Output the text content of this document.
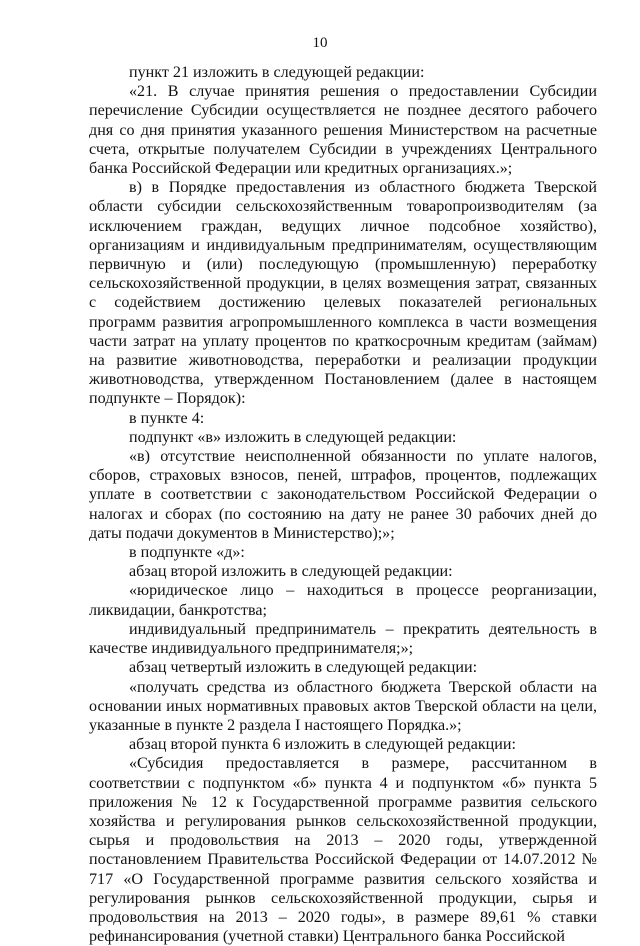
10

пункт 21 изложить в следующей редакции:

«21. В случае принятия решения о предоставлении Субсидии перечисление Субсидии осуществляется не позднее десятого рабочего дня со дня принятия указанного решения Министерством на расчетные счета, открытые получателем Субсидии в учреждениях Центрального банка Российской Федерации или кредитных организациях.»;

в) в Порядке предоставления из областного бюджета Тверской области субсидии сельскохозяйственным товаропроизводителям (за исключением граждан, ведущих личное подсобное хозяйство), организациям и индивидуальным предпринимателям, осуществляющим первичную и (или) последующую (промышленную) переработку сельскохозяйственной продукции, в целях возмещения затрат, связанных с содействием достижению целевых показателей региональных программ развития агропромышленного комплекса в части возмещения части затрат на уплату процентов по краткосрочным кредитам (займам) на развитие животноводства, переработки и реализации продукции животноводства, утвержденном Постановлением (далее в настоящем подпункте – Порядок):

в пункте 4:

подпункт «в» изложить в следующей редакции:

«в) отсутствие неисполненной обязанности по уплате налогов, сборов, страховых взносов, пеней, штрафов, процентов, подлежащих уплате в соответствии с законодательством Российской Федерации о налогах и сборах (по состоянию на дату не ранее 30 рабочих дней до даты подачи документов в Министерство);»;

в подпункте «д»:

абзац второй изложить в следующей редакции:

«юридическое лицо – находиться в процессе реорганизации, ликвидации, банкротства;

индивидуальный предприниматель – прекратить деятельность в качестве индивидуального предпринимателя;»;

абзац четвертый изложить в следующей редакции:

«получать средства из областного бюджета Тверской области на основании иных нормативных правовых актов Тверской области на цели, указанные в пункте 2 раздела I настоящего Порядка.»;

абзац второй пункта 6 изложить в следующей редакции:

«Субсидия предоставляется в размере, рассчитанном в соответствии с подпунктом «б» пункта 4 и подпунктом «б» пункта 5 приложения № 12 к Государственной программе развития сельского хозяйства и регулирования рынков сельскохозяйственной продукции, сырья и продовольствия на 2013 – 2020 годы, утвержденной постановлением Правительства Российской Федерации от 14.07.2012 № 717 «О Государственной программе развития сельского хозяйства и регулирования рынков сельскохозяйственной продукции, сырья и продовольствия на 2013 – 2020 годы», в размере 89,61 % ставки рефинансирования (учетной ставки) Центрального банка Российской
